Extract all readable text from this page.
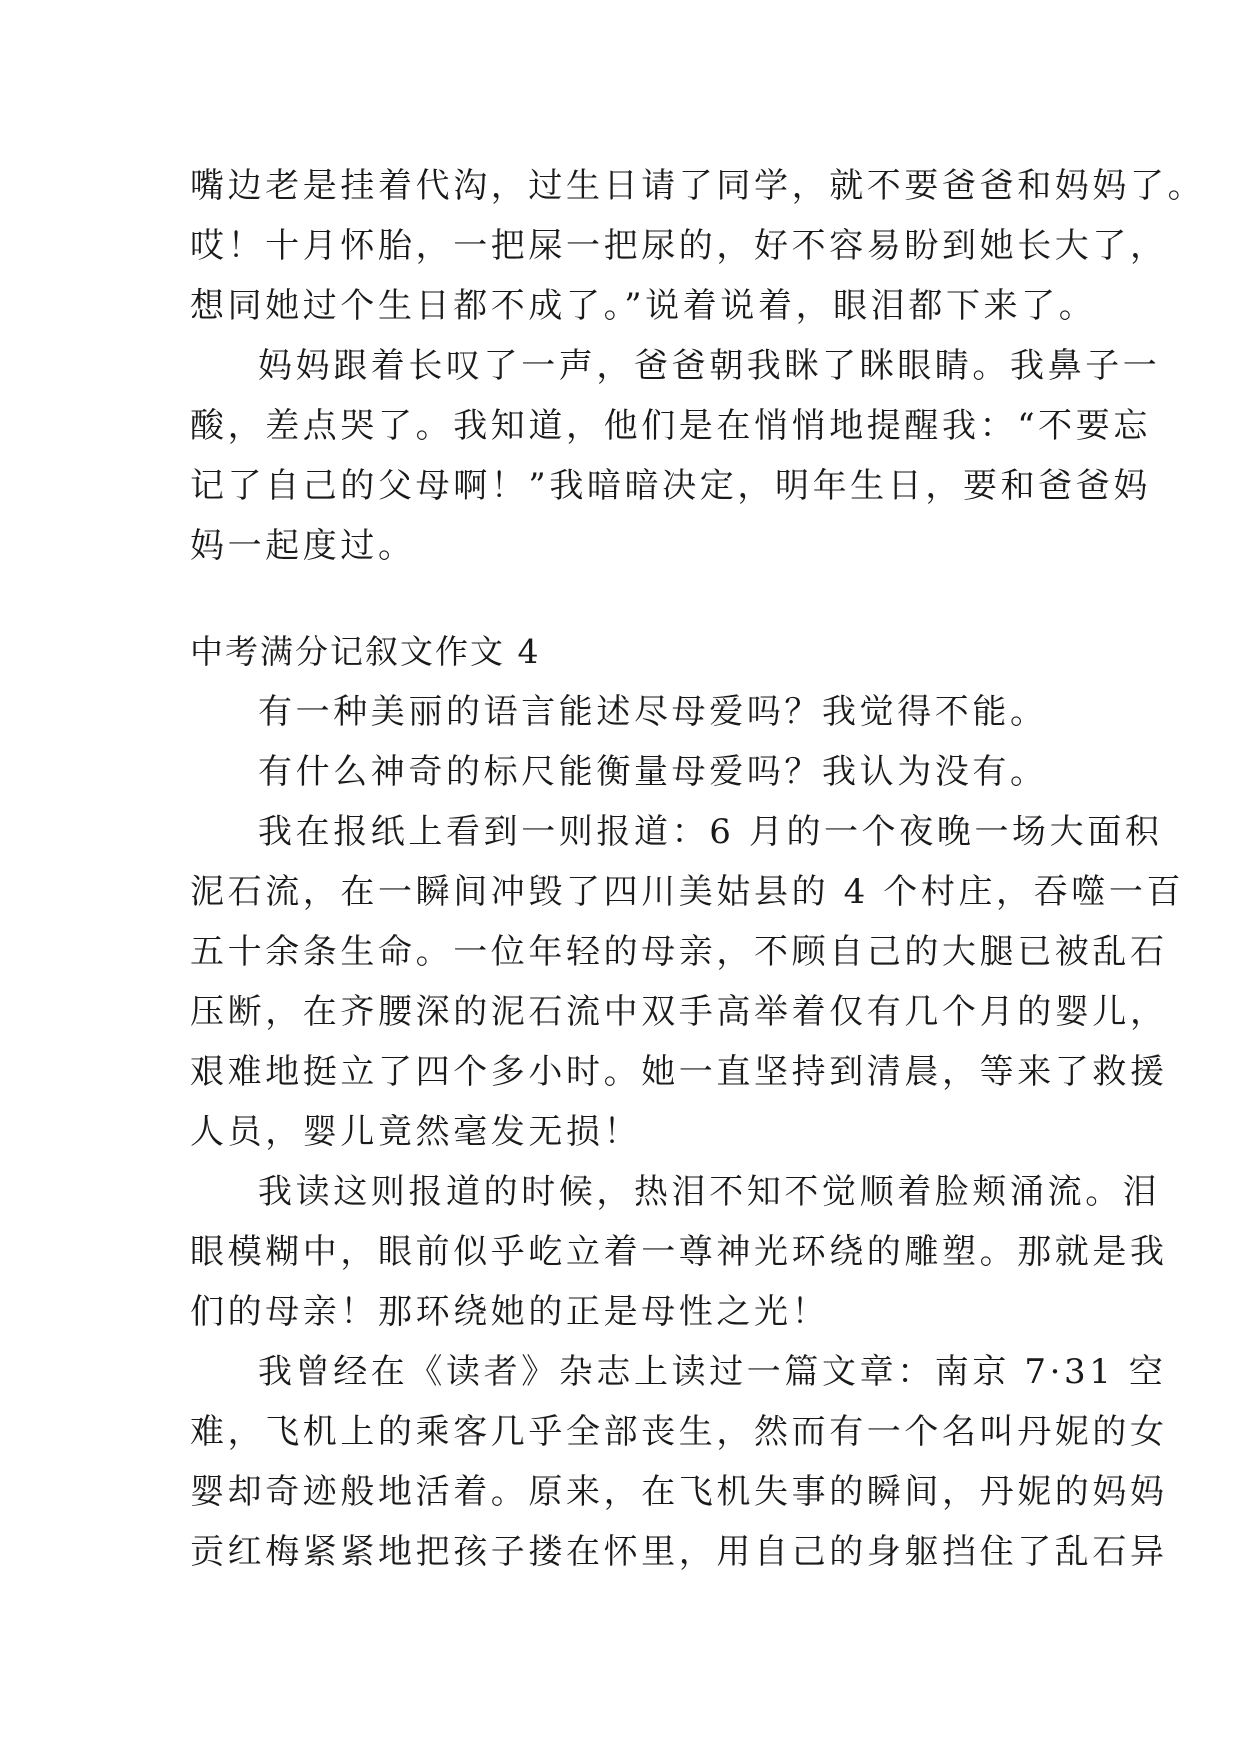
嘴边老是挂着代沟，过生日请了同学，就不要爸爸和妈妈了。
哎！十月怀胎，一把屎一把尿的，好不容易盼到她长大了，
想同她过个生日都不成了。”说着说着，眼泪都下来了。
妈妈跟着长叹了一声，爸爸朝我眯了眯眼睛。我鼻子一
酸，差点哭了。我知道，他们是在悄悄地提醒我：“不要忘
记了自己的父母啊！”我暗暗决定，明年生日，要和爸爸妈
妈一起度过。
中考满分记叙文作文 4
有一种美丽的语言能述尽母爱吗？我觉得不能。
有什么神奇的标尺能衡量母爱吗？我认为没有。
我在报纸上看到一则报道：6 月的一个夜晚一场大面积
泥石流，在一瞬间冲毁了四川美姑县的 4 个村庄，吞噬一百
五十余条生命。一位年轻的母亲，不顾自己的大腿已被乱石
压断，在齐腰深的泥石流中双手高举着仅有几个月的婴儿，
艰难地挺立了四个多小时。她一直坚持到清晨，等来了救援
人员，婴儿竟然毫发无损！
我读这则报道的时候，热泪不知不觉顺着脸颊涌流。泪
眼模糊中，眼前似乎屹立着一尊神光环绕的雕塑。那就是我
们的母亲！那环绕她的正是母性之光！
我曾经在《读者》杂志上读过一篇文章：南京 7·31 空
难，飞机上的乘客几乎全部丧生，然而有一个名叫丹妮的女
婴却奇迹般地活着。原来，在飞机失事的瞬间，丹妮的妈妈
贡红梅紧紧地把孩子搂在怀里，用自己的身躯挡住了乱石异
